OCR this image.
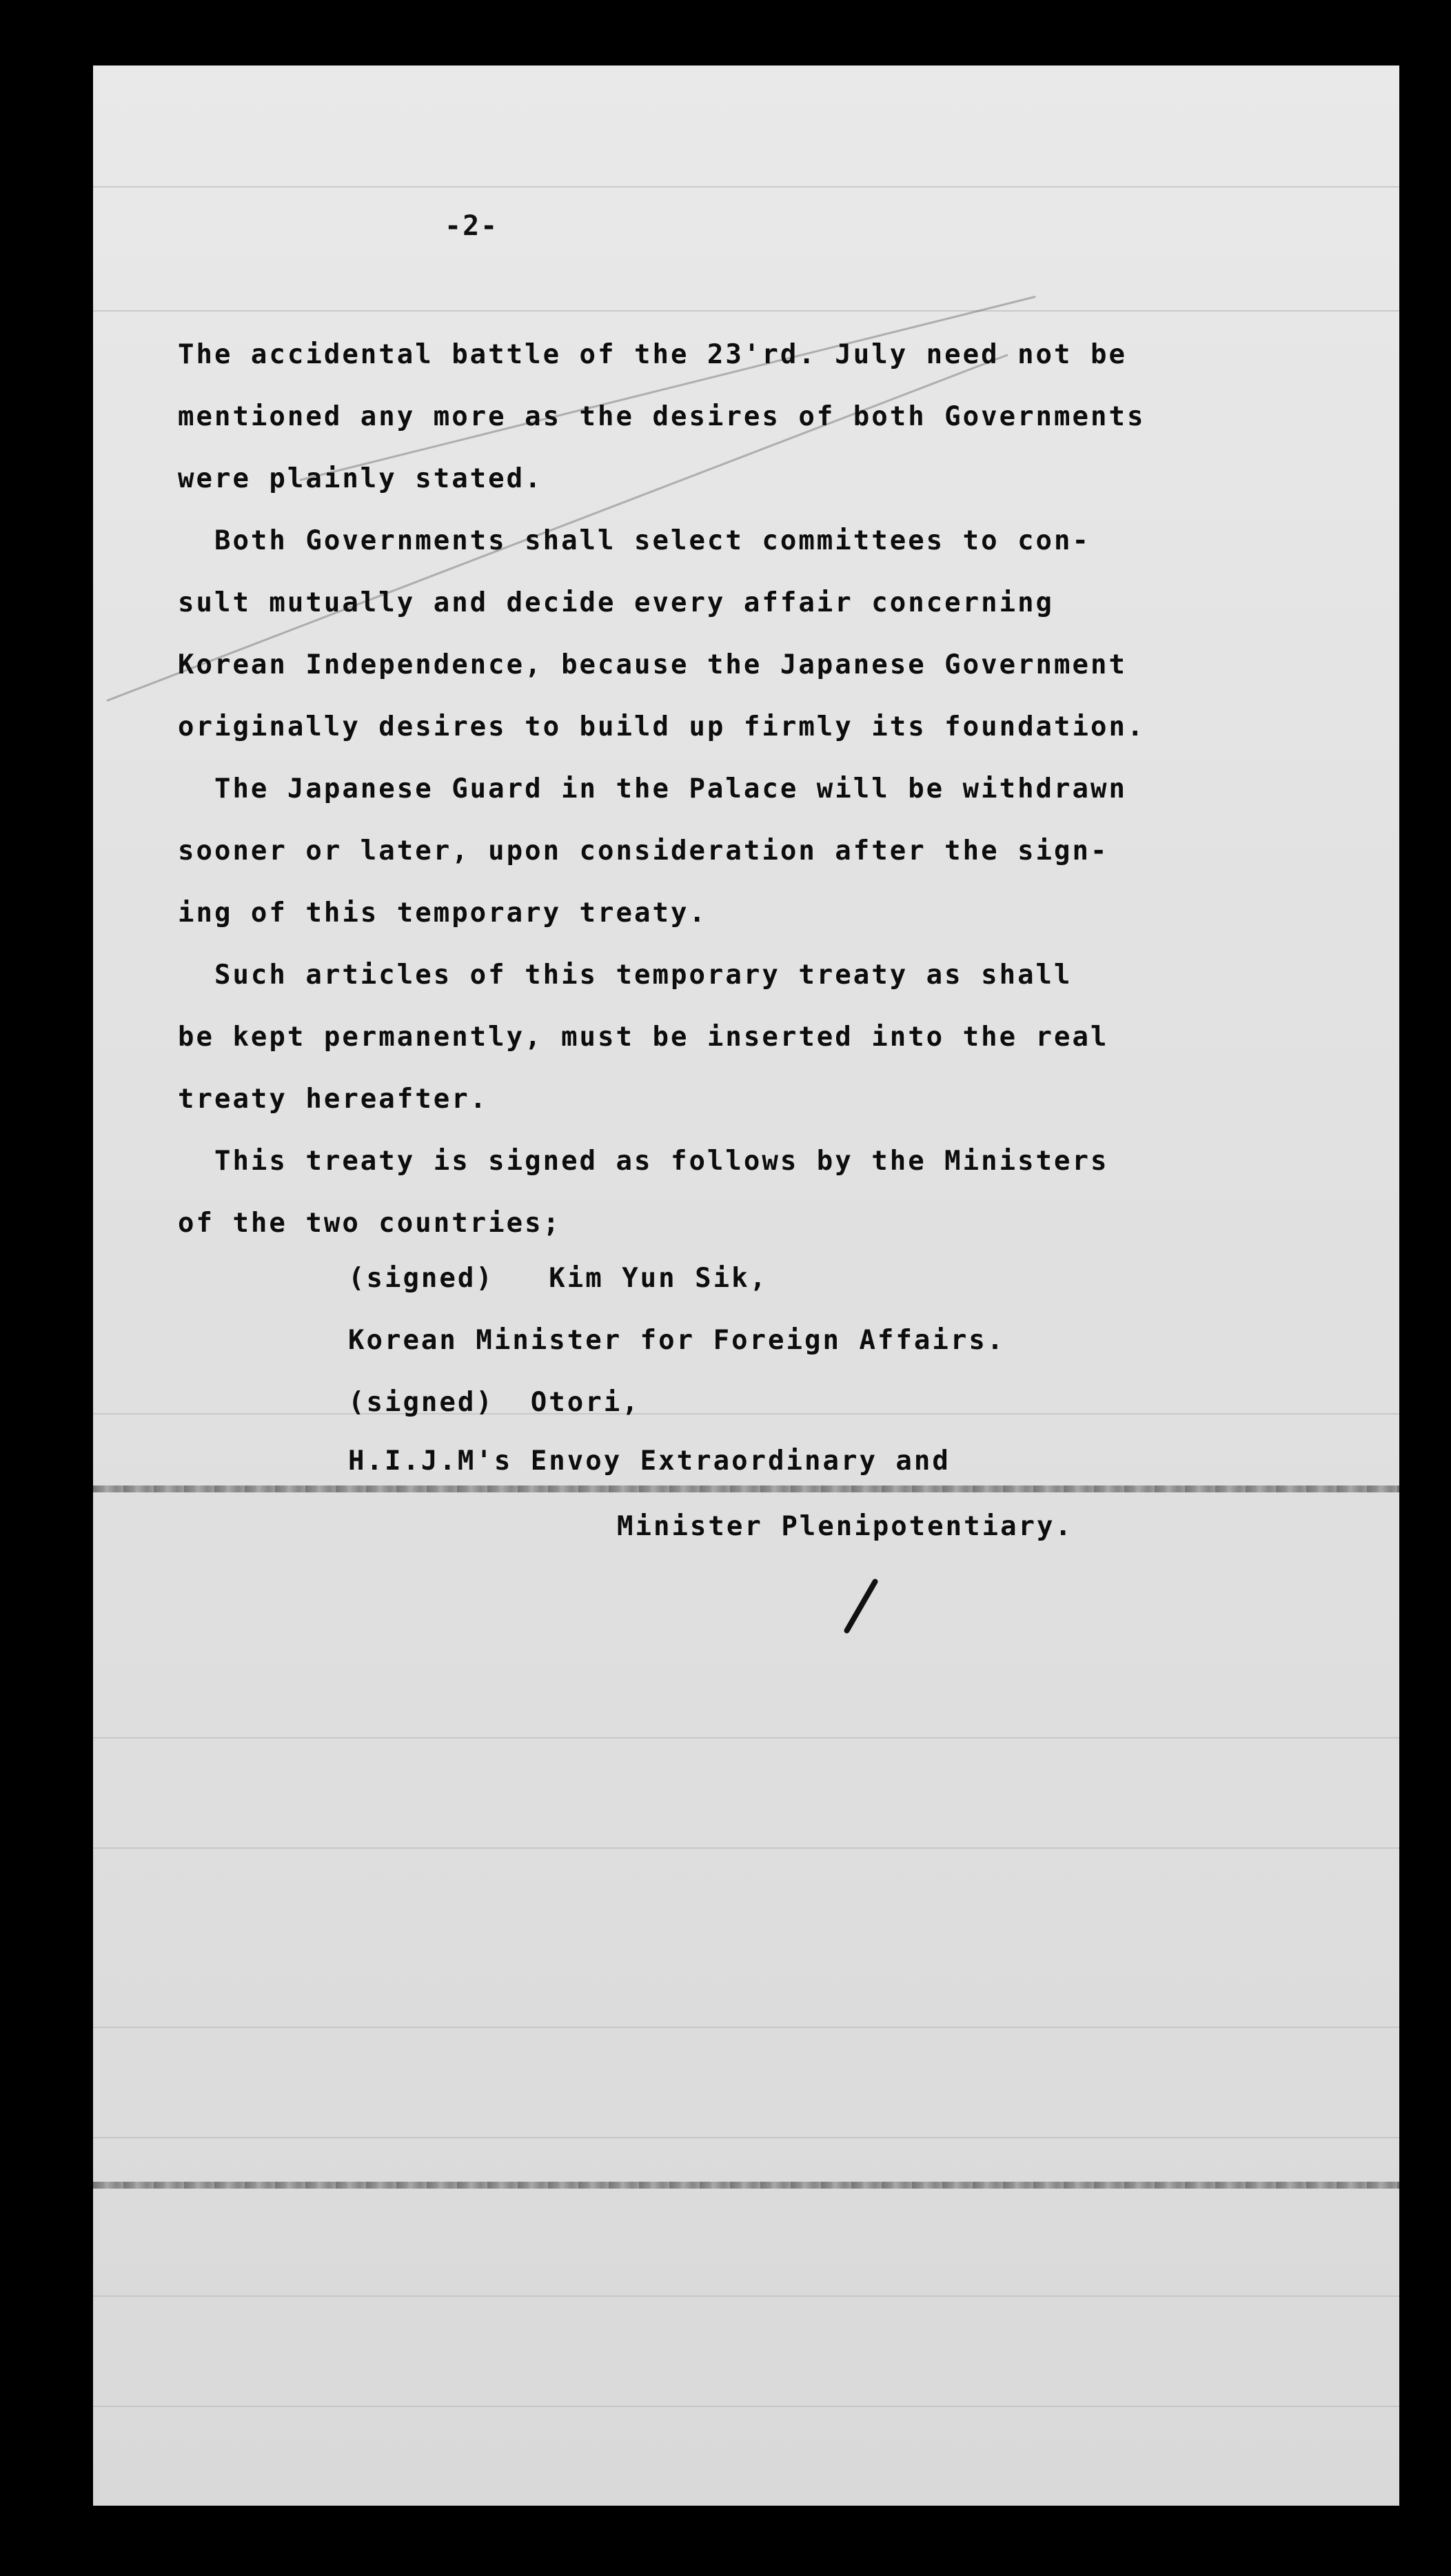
-2-

The accidental battle of the 23'rd. July need not be

mentioned any more as the desires of both Governments

were plainly stated.

Both Governments shall select committees to con-

sult mutually and decide every affair concerning

Korean Independence, because the Japanese Government

originally desires to build up firmly its foundation.

The Japanese Guard in the Palace will be withdrawn

sooner or later, upon consideration after the sign-

ing of this temporary treaty.

Such articles of this temporary treaty as shall

be kept permanently, must be inserted into the real

treaty hereafter.

This treaty is signed as follows by the Ministers

of the two countries;

(signed)   Kim Yun Sik,

Korean Minister for Foreign Affairs.

(signed)  Otori,

H.I.J.M's Envoy Extraordinary and

Minister Plenipotentiary.
